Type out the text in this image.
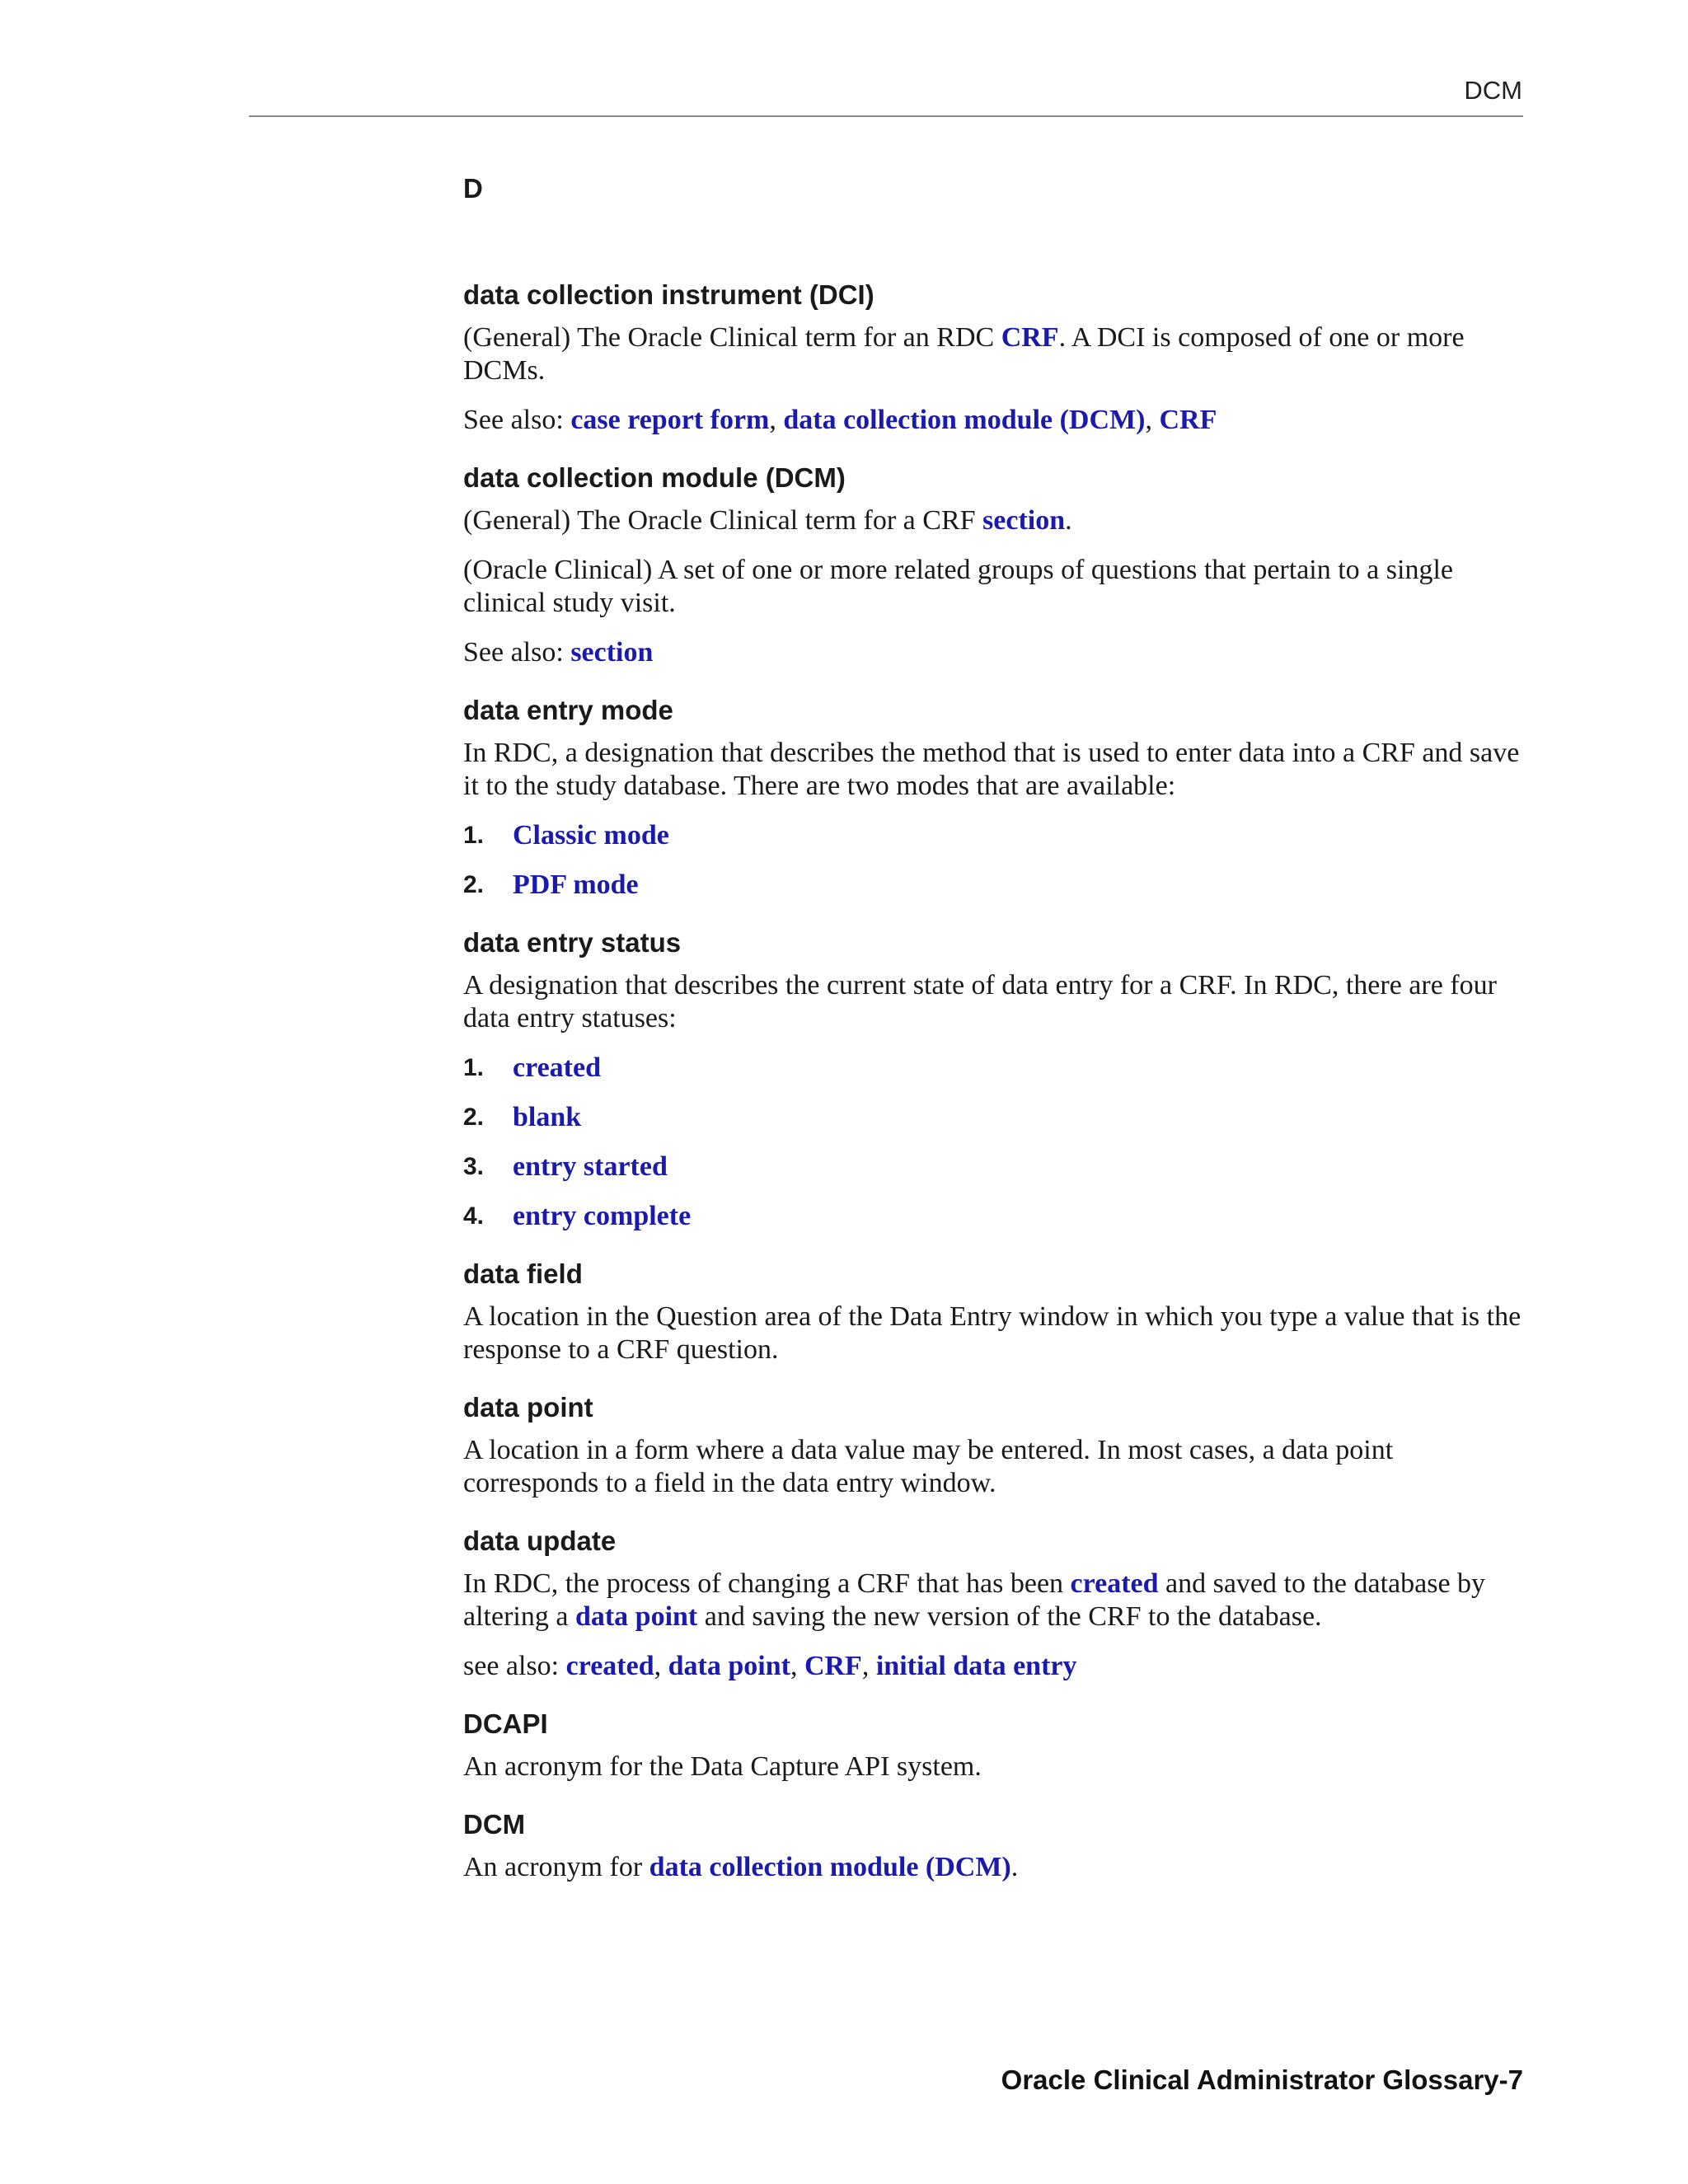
DCM
D
data collection instrument (DCI)

(General) The Oracle Clinical term for an RDC CRF. A DCI is composed of one or more DCMs.

See also: case report form, data collection module (DCM), CRF

data collection module (DCM)

(General) The Oracle Clinical term for a CRF section.

(Oracle Clinical) A set of one or more related groups of questions that pertain to a single clinical study visit.

See also: section

data entry mode

In RDC, a designation that describes the method that is used to enter data into a CRF and save it to the study database. There are two modes that are available:

1. Classic mode
2. PDF mode
data entry status

A designation that describes the current state of data entry for a CRF. In RDC, there are four data entry statuses:

1. created
2. blank
3. entry started
4. entry complete
data field

A location in the Question area of the Data Entry window in which you type a value that is the response to a CRF question.

data point

A location in a form where a data value may be entered. In most cases, a data point corresponds to a field in the data entry window.

data update

In RDC, the process of changing a CRF that has been created and saved to the database by altering a data point and saving the new version of the CRF to the database.

see also: created, data point, CRF, initial data entry

DCAPI

An acronym for the Data Capture API system.

DCM

An acronym for data collection module (DCM).

Oracle Clinical Administrator Glossary-7
